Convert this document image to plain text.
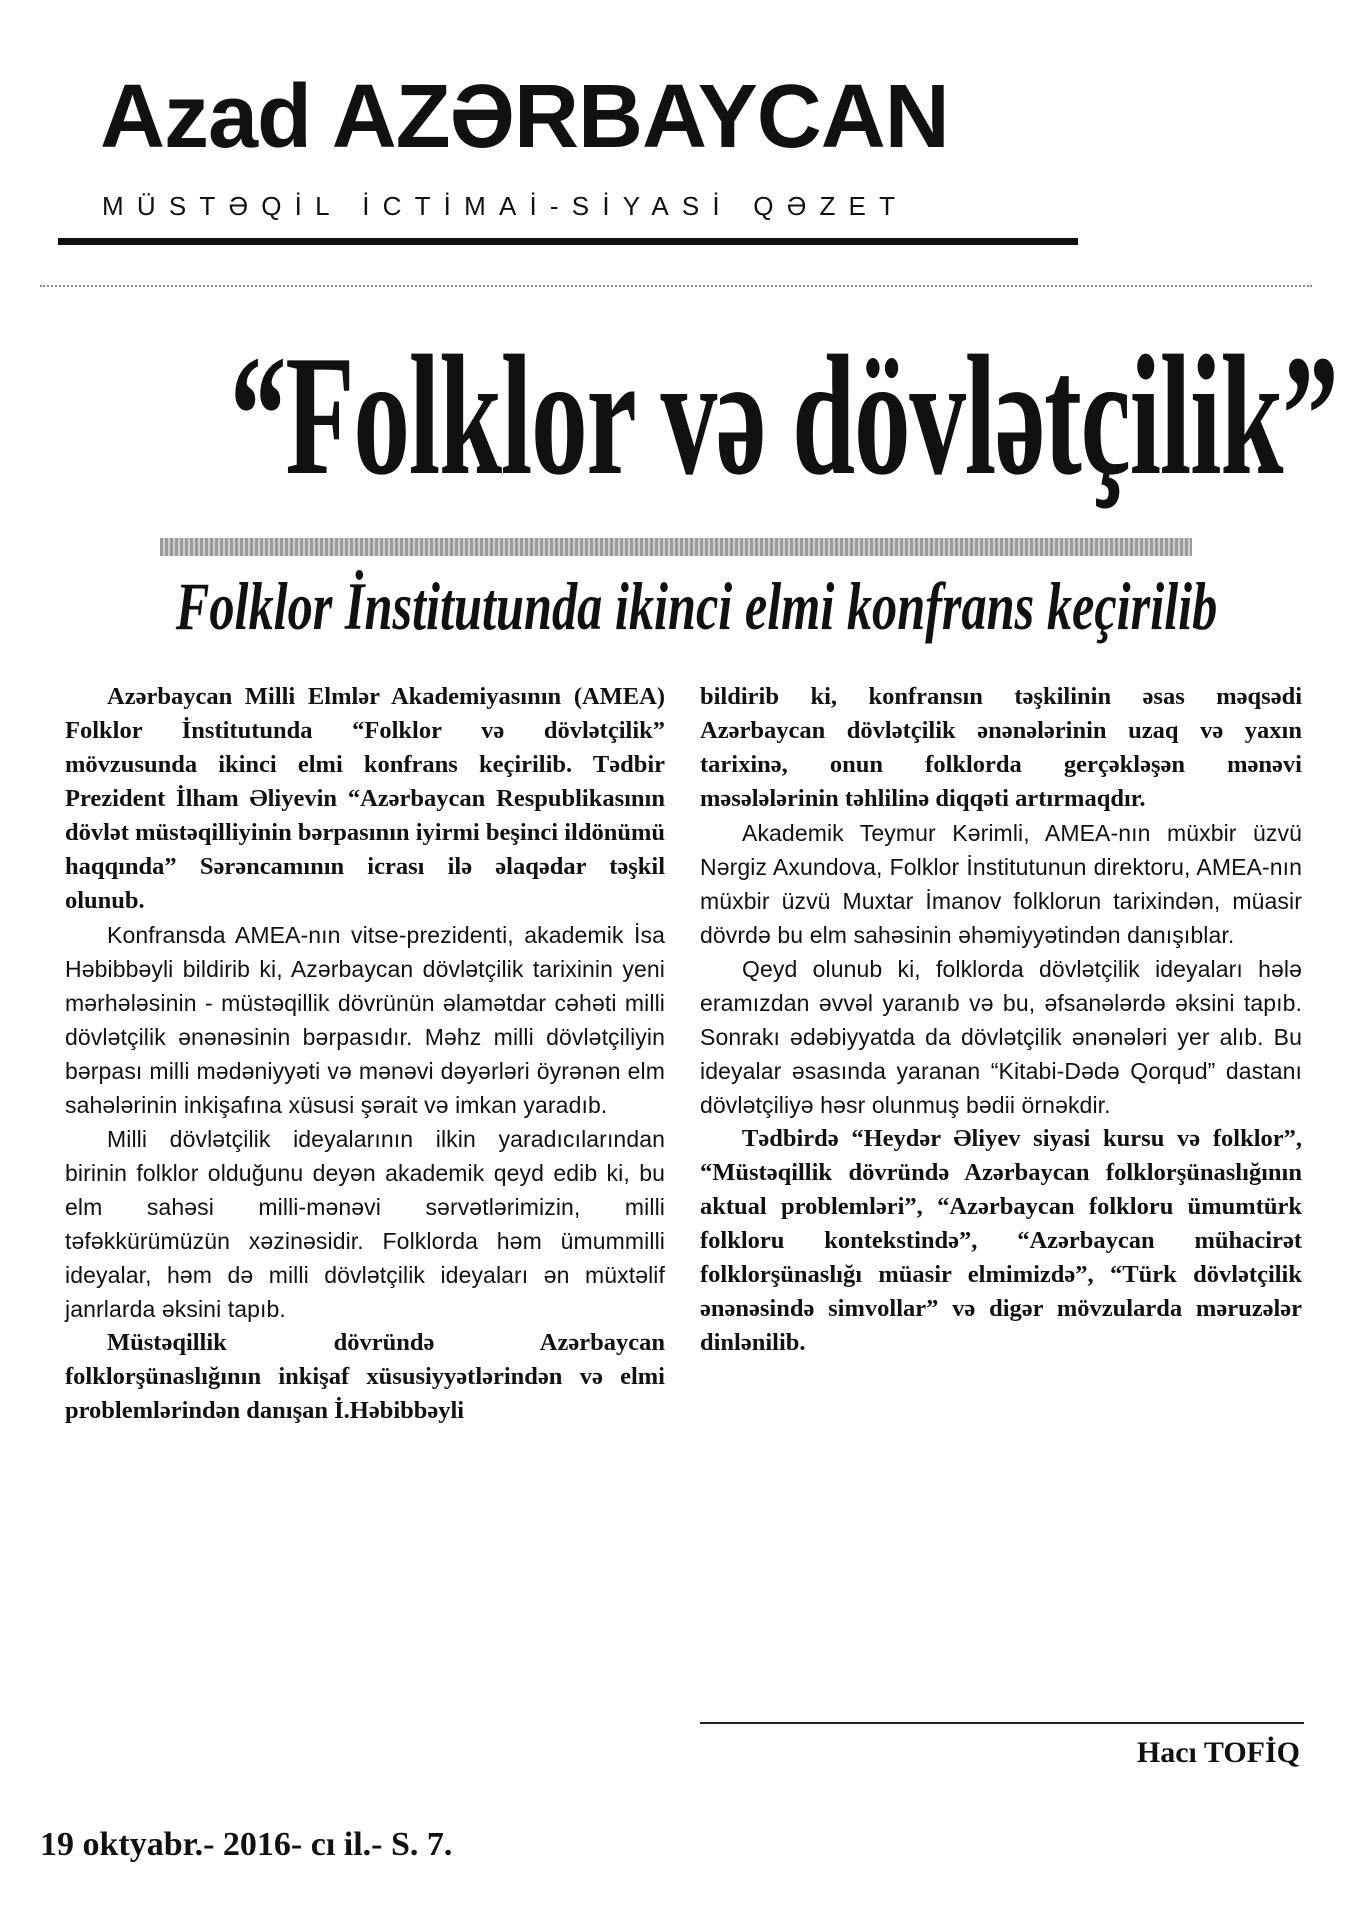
Azad AZƏRBAYCAN

MÜSTƏQİL İCTİMAİ-SİYASİ QƏZET

“Folklor və dövlətçilik”
Folklor İnstitutunda ikinci elmi konfrans keçirilib

Azərbaycan Milli Elmlər Akademiyasının (AMEA) Folklor İnstitutunda “Folklor və dövlətçilik” mövzusunda ikinci elmi konfrans keçirilib. Tədbir Prezident İlham Əliyevin “Azərbaycan Respublikasının dövlət müstəqilliyinin bərpasının iyirmi beşinci ildönümü haqqında” Sərəncamının icrası ilə əlaqədar təşkil olunub.

Konfransda AMEA-nın vitse-prezidenti, akademik İsa Həbibbəyli bildirib ki, Azərbaycan dövlətçilik tarixinin yeni mərhələsinin - müstəqillik dövrünün əlamətdar cəhəti milli dövlətçilik ənənəsinin bərpasıdır. Məhz milli dövlətçiliyin bərpası milli mədəniyyəti və mənəvi dəyərləri öyrənən elm sahələrinin inkişafına xüsusi şərait və imkan yaradıb.

Milli dövlətçilik ideyalarının ilkin yaradıcılarından birinin folklor olduğunu deyən akademik qeyd edib ki, bu elm sahəsi milli-mənəvi sərvətlərimizin, milli təfəkkürümüzün xəzinəsidir. Folklorda həm ümummilli ideyalar, həm də milli dövlətçilik ideyaları ən müxtəlif janrlarda əksini tapıb.

Müstəqillik dövründə Azərbaycan folklorşünaslığının inkişaf xüsusiyyətlərindən və elmi problemlərindən danışan İ.Həbibbəyli

bildirib ki, konfransın təşkilinin əsas məqsədi Azərbaycan dövlətçilik ənənələrinin uzaq və yaxın tarixinə, onun folklorda gerçəkləşən mənəvi məsələlərinin təhlilinə diqqəti artırmaqdır.

Akademik Teymur Kərimli, AMEA-nın müxbir üzvü Nərgiz Axundova, Folklor İnstitutunun direktoru, AMEA-nın müxbir üzvü Muxtar İmanov folklorun tarixindən, müasir dövrdə bu elm sahəsinin əhəmiyyətindən danışıblar.

Qeyd olunub ki, folklorda dövlətçilik ideyaları hələ eramızdan əvvəl yaranıb və bu, əfsanələrdə əksini tapıb. Sonrakı ədəbiyyatda da dövlətçilik ənənələri yer alıb. Bu ideyalar əsasında yaranan “Kitabi-Dədə Qorqud” dastanı dövlətçiliyə həsr olunmuş bədii örnəkdir.

Tədbirdə “Heydər Əliyev siyasi kursu və folklor”, “Müstəqillik dövründə Azərbaycan folklorşünaslığının aktual problemləri”, “Azərbaycan folkloru ümumtürk folkloru kontekstində”, “Azərbaycan mühacirət folklorşünaslığı müasir elmimizdə”, “Türk dövlətçilik ənənəsində simvollar” və digər mövzularda məruzələr dinlənilib.

Hacı TOFİQ

19 oktyabr.- 2016- cı il.- S. 7.
